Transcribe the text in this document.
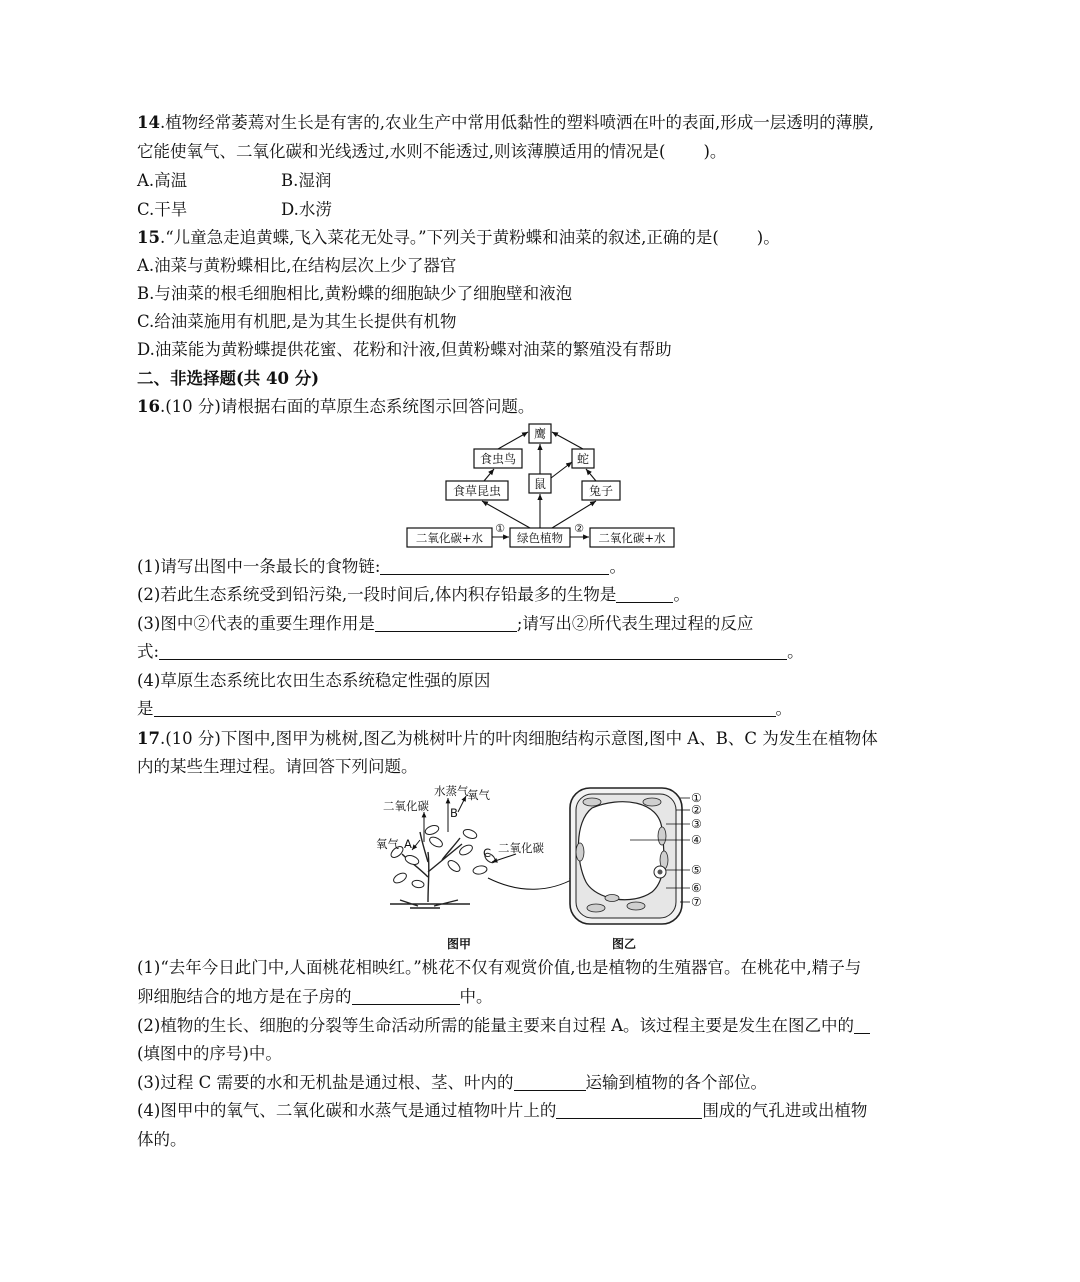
14.植物经常萎蔫对生长是有害的,农业生产中常用低黏性的塑料喷洒在叶的表面,形成一层透明的薄膜,
它能使氧气、二氧化碳和光线透过,水则不能透过,则该薄膜适用的情况是( )。
A.高温	B.湿润
C.干旱	D.水涝
15.“儿童急走追黄蝶,飞入菜花无处寻。”下列关于黄粉蝶和油菜的叙述,正确的是( )。
A.油菜与黄粉蝶相比,在结构层次上少了器官
B.与油菜的根毛细胞相比,黄粉蝶的细胞缺少了细胞壁和液泡
C.给油菜施用有机肥,是为其生长提供有机物
D.油菜能为黄粉蝶提供花蜜、花粉和汁液,但黄粉蝶对油菜的繁殖没有帮助
二、非选择题(共 40 分)
16.(10 分)请根据右面的草原生态系统图示回答问题。
鹰
食虫鸟	蛇
食草昆虫	鼠	兔子
二氧化碳+水	绿色植物	二氧化碳+水
①	②
(1)请写出图中一条最长的食物链:	。
(2)若此生态系统受到铅污染,一段时间后,体内积存铅最多的生物是	。
(3)图中②代表的重要生理作用是	;请写出②所代表生理过程的反应
式:	。
(4)草原生态系统比农田生态系统稳定性强的原因
是	。
17.(10 分)下图中,图甲为桃树,图乙为桃树叶片的叶肉细胞结构示意图,图中 A、B、C 为发生在植物体
内的某些生理过程。请回答下列问题。
水蒸气
氧气
二氧化碳 B
氧气 A
C 二氧化碳
①
②
③
④
⑤
⑥
⑦
图甲	图乙
(1)“去年今日此门中,人面桃花相映红。”桃花不仅有观赏价值,也是植物的生殖器官。在桃花中,精子与
卵细胞结合的地方是在子房的	中。
(2)植物的生长、细胞的分裂等生命活动所需的能量主要来自过程 A。该过程主要是发生在图乙中的
(填图中的序号)中。
(3)过程 C 需要的水和无机盐是通过根、茎、叶内的	运输到植物的各个部位。
(4)图甲中的氧气、二氧化碳和水蒸气是通过植物叶片上的	围成的气孔进或出植物
体的。
